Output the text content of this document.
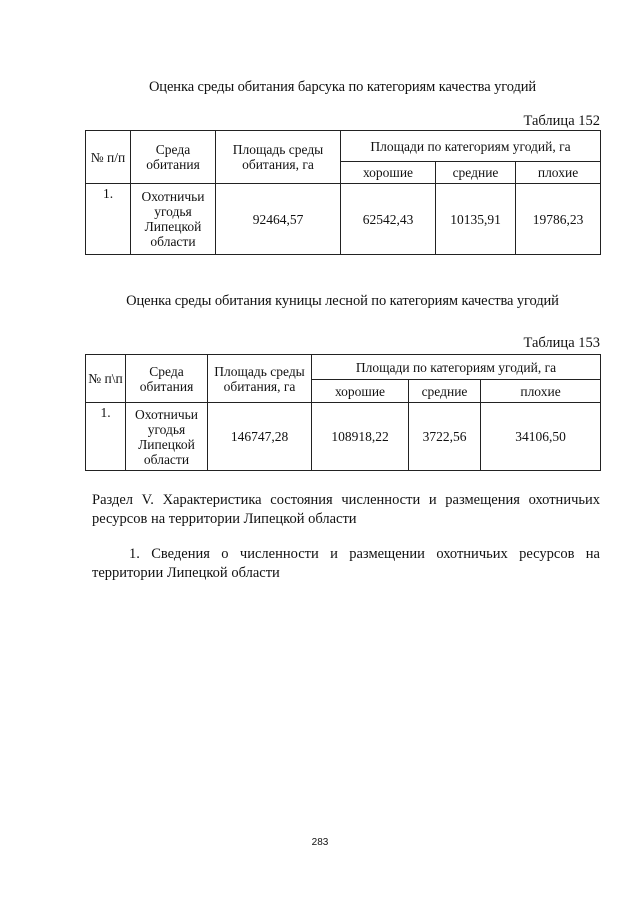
Оценка среды обитания барсука по категориям качества угодий
Таблица 152
№ п/п	Среда обитания	Площадь среды обитания, га	Площади по категориям угодий, га		
			хорошие	средние	плохие
1.	Охотничьи угодья Липецкой области	92464,57	62542,43	10135,91	19786,23
Оценка среды обитания куницы лесной по категориям качества угодий
Таблица 153
№ п\п	Среда обитания	Площадь среды обитания, га	Площади по категориям угодий, га		
			хорошие	средние	плохие
1.	Охотничьи угодья Липецкой области	146747,28	108918,22	3722,56	34106,50
Раздел V. Характеристика состояния численности и размещения охотничьих ресурсов на территории Липецкой области
1. Сведения о численности и размещении охотничьих ресурсов на территории Липецкой области
283
